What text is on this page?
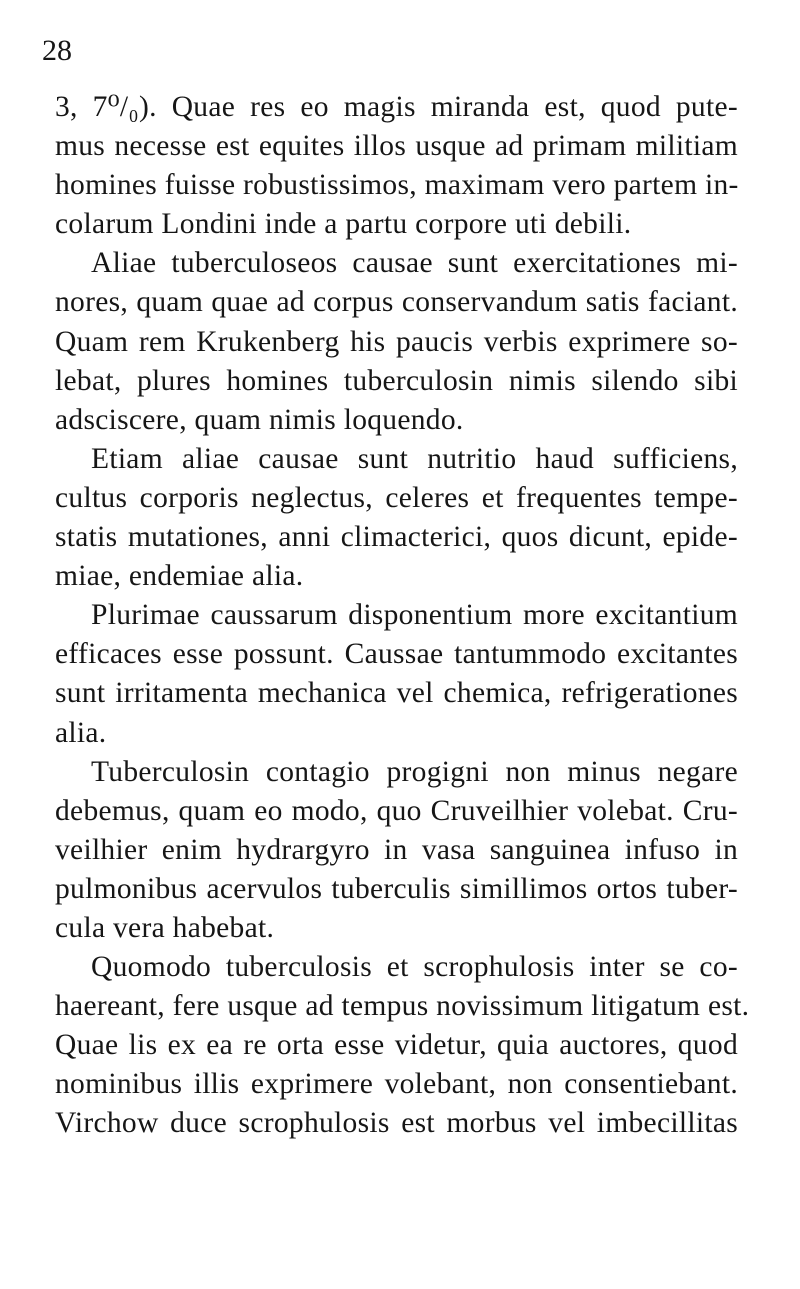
28
3, 7⁰/₀). Quae res eo magis miranda est, quod pute-
mus necesse est equites illos usque ad primam militiam
homines fuisse robustissimos, maximam vero partem in-
colarum Londini inde a partu corpore uti debili.
Aliae tuberculoseos causae sunt exercitationes mi-
nores, quam quae ad corpus conservandum satis faciant.
Quam rem Krukenberg his paucis verbis exprimere so-
lebat, plures homines tuberculosin nimis silendo sibi
adsciscere, quam nimis loquendo.
Etiam aliae causae sunt nutritio haud sufficiens,
cultus corporis neglectus, celeres et frequentes tempe-
statis mutationes, anni climacterici, quos dicunt, epide-
miae, endemiae alia.
Plurimae caussarum disponentium more excitantium
efficaces esse possunt. Caussae tantummodo excitantes
sunt irritamenta mechanica vel chemica, refrigerationes
alia.
Tuberculosin contagio progigni non minus negare
debemus, quam eo modo, quo Cruveilhier volebat. Cru-
veilhier enim hydrargyro in vasa sanguinea infuso in
pulmonibus acervulos tuberculis simillimos ortos tuber-
cula vera habebat.
Quomodo tuberculosis et scrophulosis inter se co-
haereant, fere usque ad tempus novissimum litigatum est.
Quae lis ex ea re orta esse videtur, quia auctores, quod
nominibus illis exprimere volebant, non consentiebant.
Virchow duce scrophulosis est morbus vel imbecillitas
